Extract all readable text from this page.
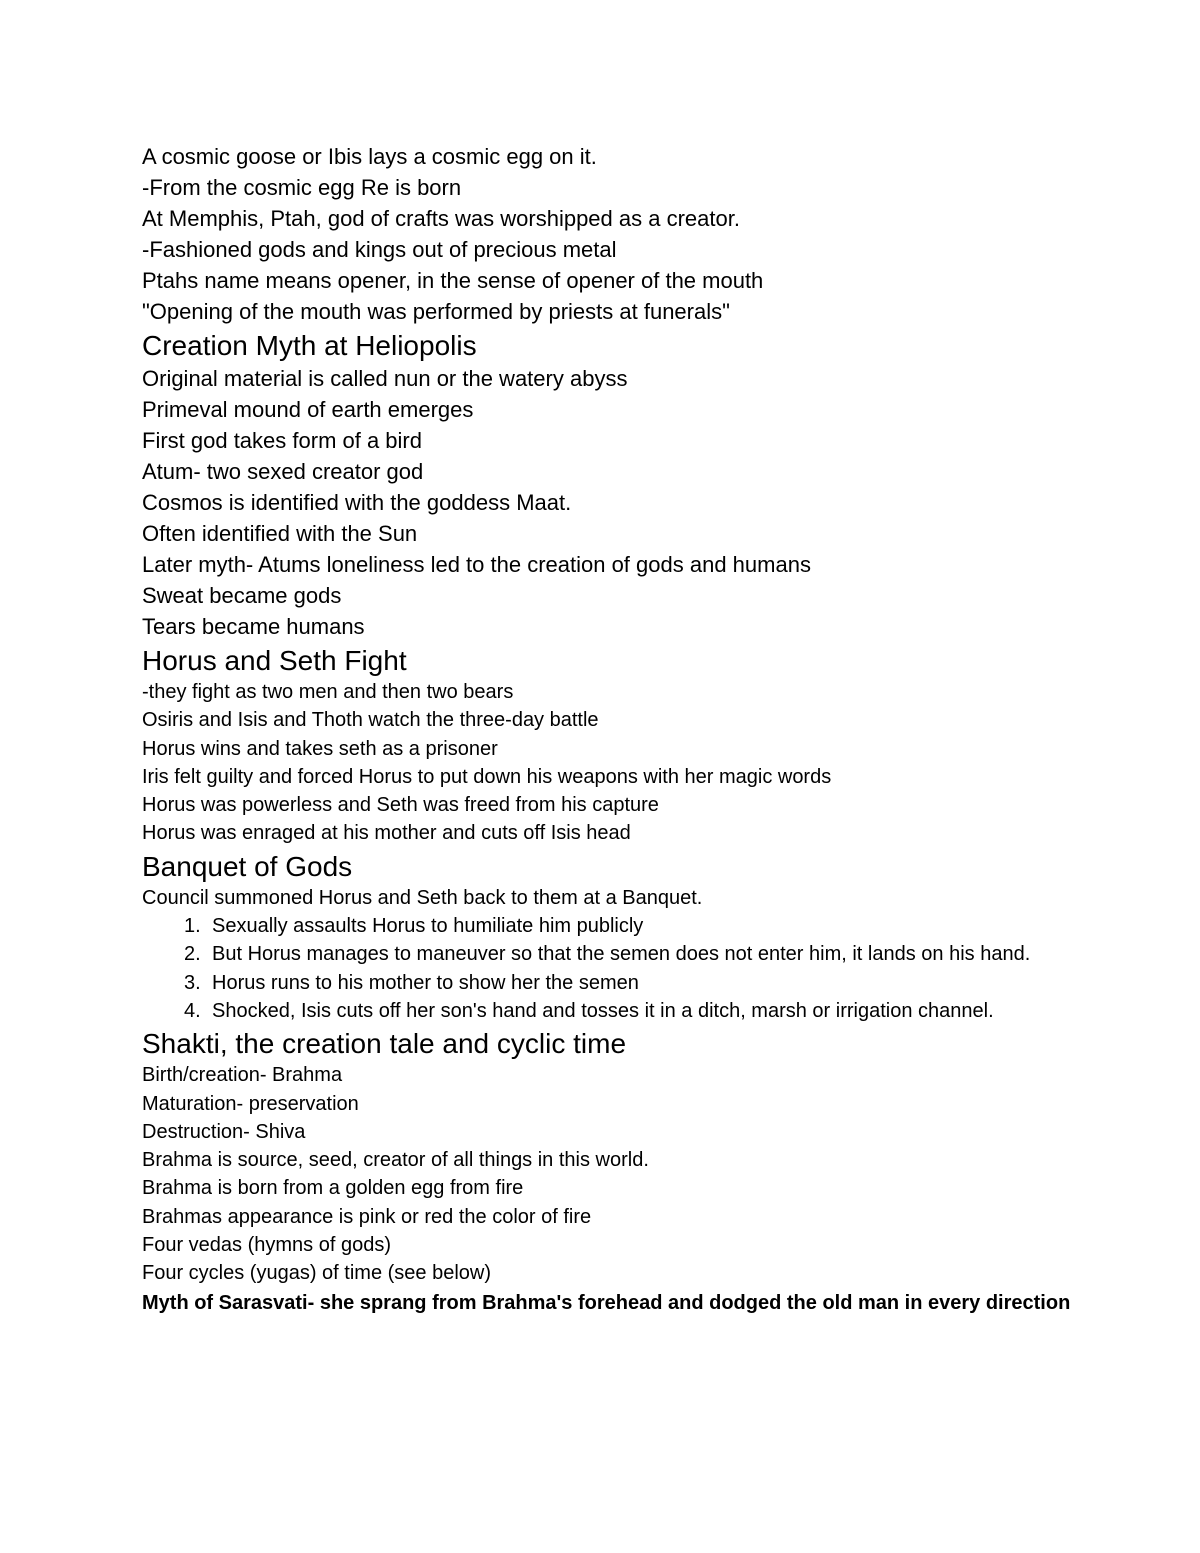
A cosmic goose or Ibis lays a cosmic egg on it.
-From the cosmic egg Re is born
At Memphis, Ptah, god of crafts was worshipped as a creator.
-Fashioned gods and kings out of precious metal
Ptahs name means opener, in the sense of opener of the mouth
"Opening of the mouth was performed by priests at funerals"
Creation Myth at Heliopolis
Original material is called nun or the watery abyss
Primeval mound of earth emerges
First god takes form of a bird
Atum- two sexed creator god
Cosmos is identified with the goddess Maat.
Often identified with the Sun
Later myth- Atums loneliness led to the creation of gods and humans
Sweat became gods
Tears became humans
Horus and Seth Fight
-they fight as two men and then two bears
Osiris and Isis and Thoth watch the three-day battle
Horus wins and takes seth as a prisoner
Iris felt guilty and forced Horus to put down his weapons with her magic words
Horus was powerless and Seth was freed from his capture
Horus was enraged at his mother and cuts off Isis head
Banquet of Gods
Council summoned Horus and Seth back to them at a Banquet.
1. Sexually assaults Horus to humiliate him publicly
2. But Horus manages to maneuver so that the semen does not enter him, it lands on his hand.
3. Horus runs to his mother to show her the semen
4. Shocked, Isis cuts off her son's hand and tosses it in a ditch, marsh or irrigation channel.
Shakti, the creation tale and cyclic time
Birth/creation- Brahma
Maturation- preservation
Destruction- Shiva
Brahma is source, seed, creator of all things in this world.
Brahma is born from a golden egg from fire
Brahmas appearance is pink or red the color of fire
Four vedas (hymns of gods)
Four cycles (yugas) of time (see below)
Myth of Sarasvati- she sprang from Brahma's forehead and dodged the old man in every direction
